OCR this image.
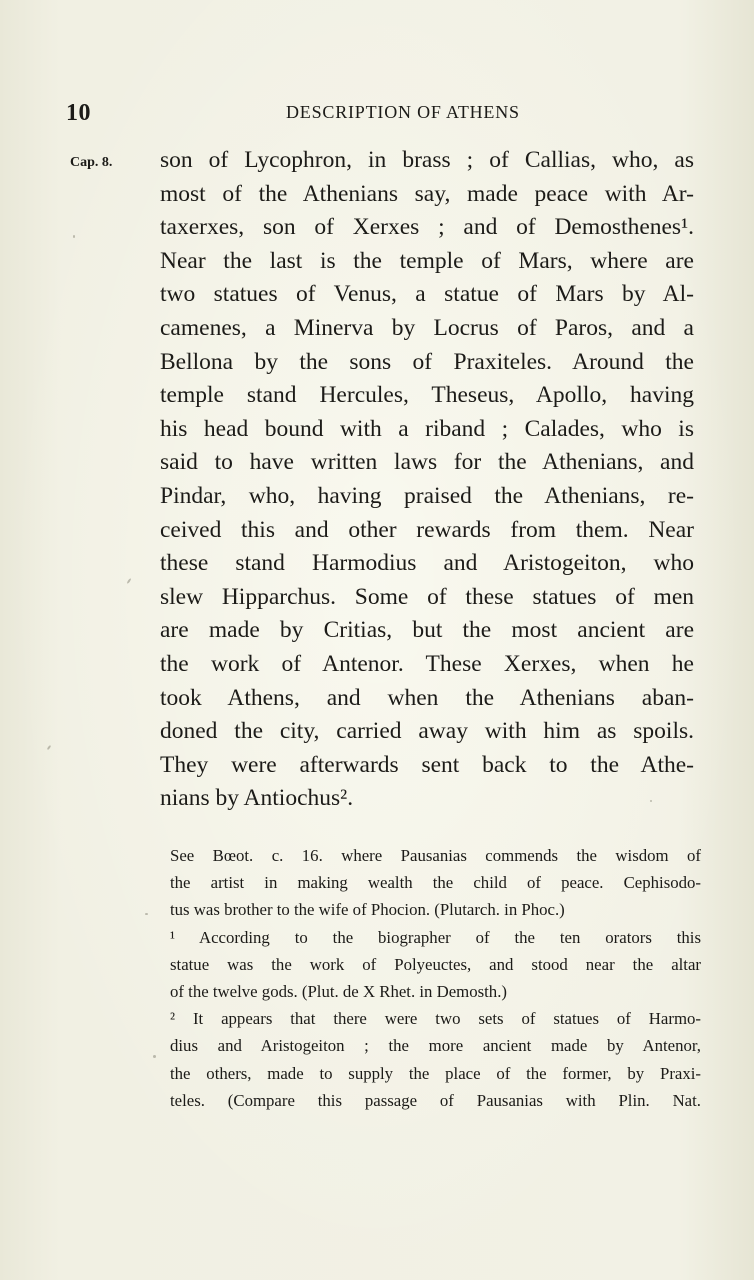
10	DESCRIPTION OF ATHENS
Cap. 8. son of Lycophron, in brass ; of Callias, who, as
most of the Athenians say, made peace with Ar-
taxerxes, son of Xerxes ; and of Demosthenes¹.
Near the last is the temple of Mars, where are
two statues of Venus, a statue of Mars by Al-
camenes, a Minerva by Locrus of Paros, and a
Bellona by the sons of Praxiteles. Around the
temple stand Hercules, Theseus, Apollo, having
his head bound with a riband ; Calades, who is
said to have written laws for the Athenians, and
Pindar, who, having praised the Athenians, re-
ceived this and other rewards from them. Near
these stand Harmodius and Aristogeiton, who
slew Hipparchus. Some of these statues of men
are made by Critias, but the most ancient are
the work of Antenor. These Xerxes, when he
took Athens, and when the Athenians aban-
doned the city, carried away with him as spoils.
They were afterwards sent back to the Athe-
nians by Antiochus².
See Bœot. c. 16. where Pausanias commends the wisdom of
the artist in making wealth the child of peace. Cephisodo-
tus was brother to the wife of Phocion. (Plutarch. in Phoc.)
¹ According to the biographer of the ten orators this
statue was the work of Polyeuctes, and stood near the altar
of the twelve gods. (Plut. de X Rhet. in Demosth.)
² It appears that there were two sets of statues of Harmo-
dius and Aristogeiton ; the more ancient made by Antenor,
the others, made to supply the place of the former, by Praxi-
teles. (Compare this passage of Pausanias with Plin. Nat.
